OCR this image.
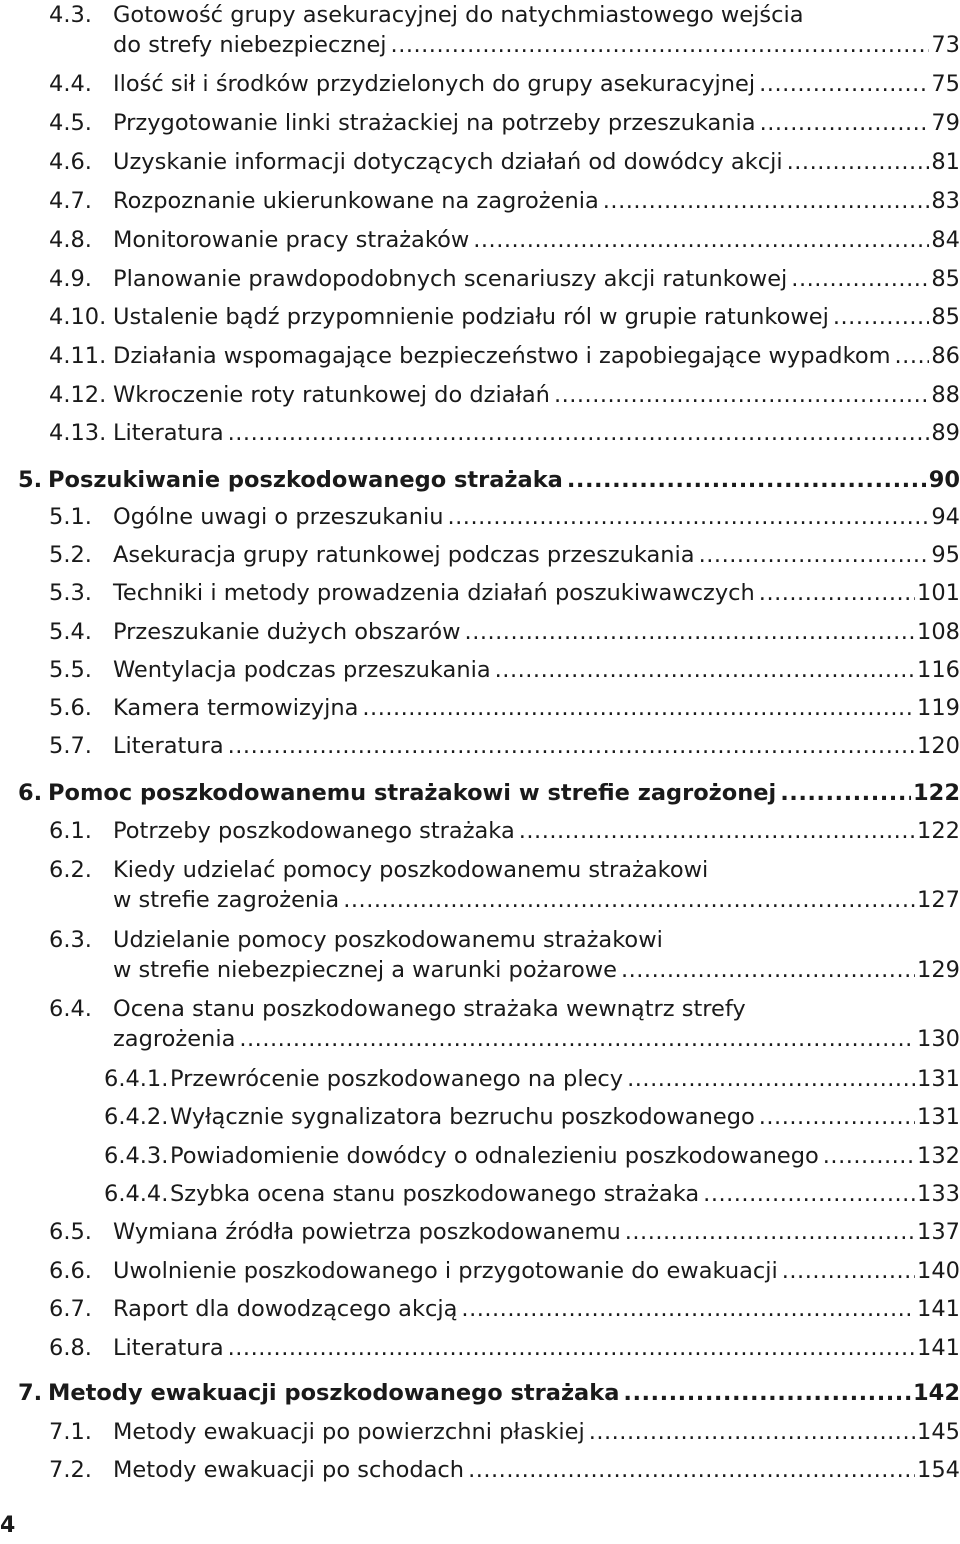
4.3. Gotowość grupy asekuracyjnej do natychmiastowego wejścia
do strefy niebezpiecznej .....	73
4.4. Ilość sił i środków przydzielonych do grupy asekuracyjnej .....	75
4.5. Przygotowanie linki strażackiej na potrzeby przeszukania .....	79
4.6. Uzyskanie informacji dotyczących działań od dowódcy akcji .....	81
4.7. Rozpoznanie ukierunkowane na zagrożenia .....	83
4.8. Monitorowanie pracy strażaków .....	84
4.9. Planowanie prawdopodobnych scenariuszy akcji ratunkowej .....	85
4.10. Ustalenie bądź przypomnienie podziału ról w grupie ratunkowej .....	85
4.11. Działania wspomagające bezpieczeństwo i zapobiegające wypadkom ..... 86
4.12. Wkroczenie roty ratunkowej do działań .....	88
4.13. Literatura .....	89
5. Poszukiwanie poszkodowanego strażaka .....	90
5.1. Ogólne uwagi o przeszukaniu .....	94
5.2. Asekuracja grupy ratunkowej podczas przeszukania .....	95
5.3. Techniki i metody prowadzenia działań poszukiwawczych .....	101
5.4. Przeszukanie dużych obszarów .....	108
5.5. Wentylacja podczas przeszukania .....	116
5.6. Kamera termowizyjna .....	119
5.7. Literatura .....	120
6. Pomoc poszkodowanemu strażakowi w strefie zagrożonej .....	122
6.1. Potrzeby poszkodowanego strażaka .....	122
6.2. Kiedy udzielać pomocy poszkodowanemu strażakowi
w strefie zagrożenia .....	127
6.3. Udzielanie pomocy poszkodowanemu strażakowi
w strefie niebezpiecznej a warunki pożarowe .....	129
6.4. Ocena stanu poszkodowanego strażaka wewnątrz strefy
zagrożenia .....	130
6.4.1. Przewrócenie poszkodowanego na plecy .....	131
6.4.2. Wyłącznie sygnalizatora bezruchu poszkodowanego .....	131
6.4.3. Powiadomienie dowódcy o odnalezieniu poszkodowanego .....	132
6.4.4. Szybka ocena stanu poszkodowanego strażaka .....	133
6.5. Wymiana źródła powietrza poszkodowanemu .....	137
6.6. Uwolnienie poszkodowanego i przygotowanie do ewakuacji .....	140
6.7. Raport dla dowodzącego akcją .....	141
6.8. Literatura .....	141
7. Metody ewakuacji poszkodowanego strażaka .....	142
7.1. Metody ewakuacji po powierzchni płaskiej .....	145
7.2. Metody ewakuacji po schodach .....	154
4
